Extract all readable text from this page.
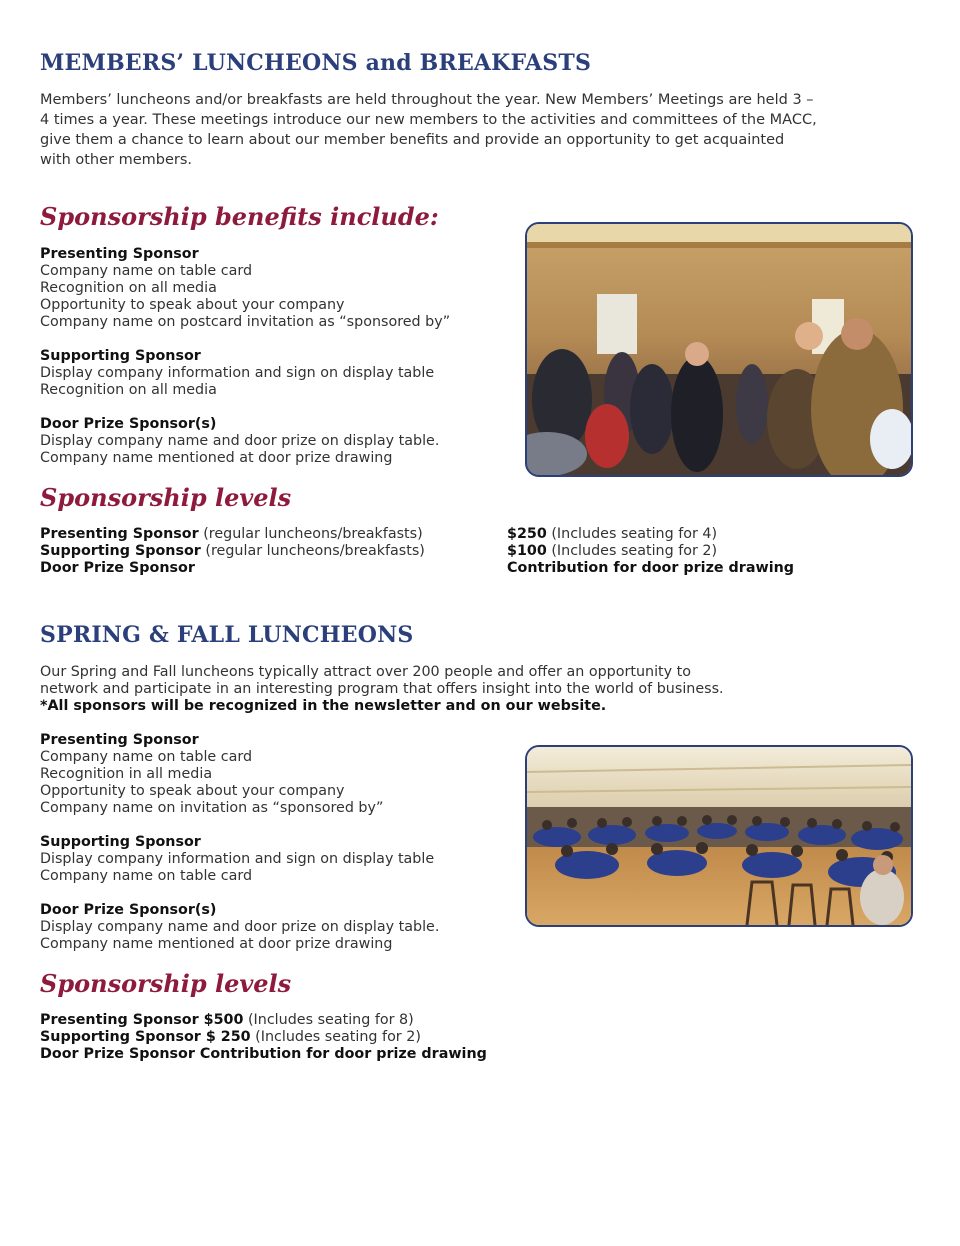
MEMBERS’ LUNCHEONS and BREAKFASTS
Members’ luncheons and/or breakfasts are held throughout the year. New Members’ Meetings are held 3 –
4 times a year. These meetings introduce our new members to the activities and committees of the MACC,
give them a chance to learn about our member benefits and provide an opportunity to get acquainted
with other members.
Sponsorship benefits include:
Presenting Sponsor
Company name on table card
Recognition on all media
Opportunity to speak about your company
Company name on postcard invitation as “sponsored by”
Supporting Sponsor
Display company information and sign on display table
Recognition on all media
Door Prize Sponsor(s)
Display company name and door prize on display table.
Company name mentioned at door prize drawing
Sponsorship levels
Presenting Sponsor (regular luncheons/breakfasts)
Supporting Sponsor (regular luncheons/breakfasts)
Door Prize Sponsor
$250 (Includes seating for 4)
$100 (Includes seating for 2)
Contribution for door prize drawing
SPRING & FALL LUNCHEONS
Our Spring and Fall luncheons typically attract over 200 people and offer an opportunity to
network and participate in an interesting program that offers insight into the world of business.
*All sponsors will be recognized in the newsletter and on our website.
Presenting Sponsor
Company name on table card
Recognition in all media
Opportunity to speak about your company
Company name on invitation as “sponsored by”
Supporting Sponsor
Display company information and sign on display table
Company name on table card
Door Prize Sponsor(s)
Display company name and door prize on display table.
Company name mentioned at door prize drawing
Sponsorship levels
Presenting Sponsor $500 (Includes seating for 8)
Supporting Sponsor $ 250 (Includes seating for 2)
Door Prize Sponsor Contribution for door prize drawing
